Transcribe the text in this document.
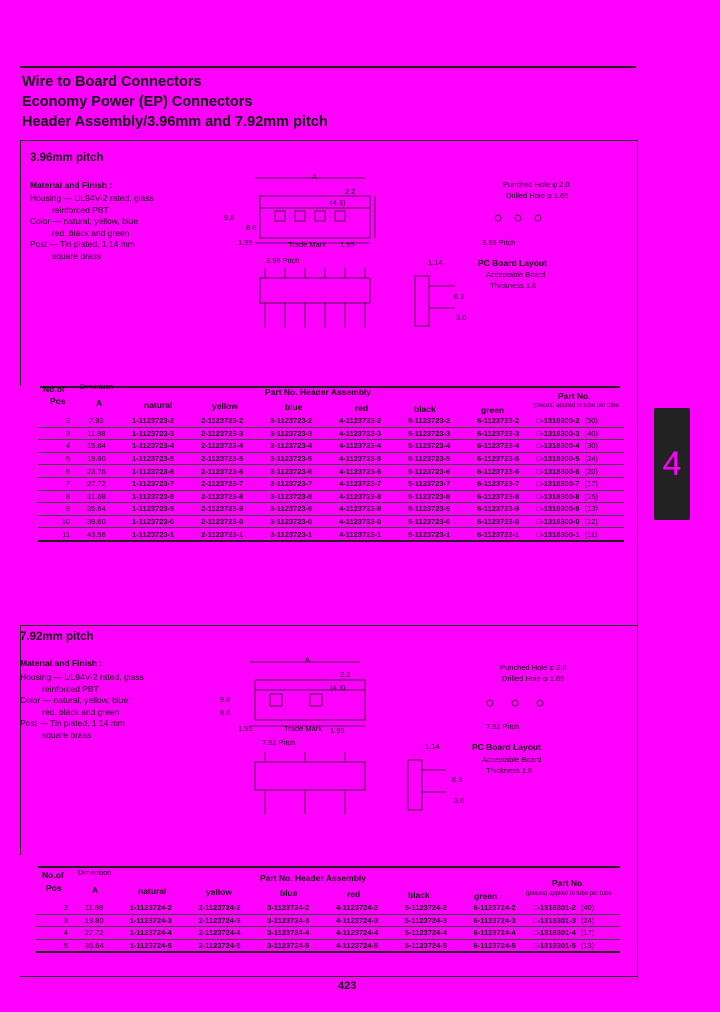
Wire to Board Connectors
Economy Power (EP) Connectors
Header Assembly/3.96mm and 7.92mm pitch
4
3.96mm pitch
Material and Finish :
Housing — UL94V-2 rated, glass
reinforced PBT
Color — natural, yellow, blue,
red, black and green
Post — Tin plated, 1.14 mm
square brass
A
2.2
(4.3)
9.8
8.6
1.95	Trade Mark 1.95
3.96 Pitch	1.14
6.2
3.0
Punched Hole φ 2.0
Drilled Hole φ 1.65
3.96 Pitch
PC Board Layout
Acceptable Board
Thickness 1.6
No.of
Pos
Dimension
A
Part No. Header Assembly	Part No.
(pieces) applied in tube per tube
natural	yellow	blue	red	black	green
2	7.92	1-1123723-2	2-1123723-2	3-1123723-2	4-1123723-2	5-1123723-2	6-1123723-2	□-1318300-2 (50)
3	11.88	1-1123723-3	2-1123723-3	3-1123723-3	4-1123723-3	5-1123723-3	6-1123723-3	□-1318300-3 (40)
4	15.84	1-1123723-4	2-1123723-4	3-1123723-4	4-1123723-4	5-1123723-4	6-1123723-4	□-1318300-4 (30)
5	19.80	1-1123723-5	2-1123723-5	3-1123723-5	4-1123723-5	5-1123723-5	6-1123723-5	□-1318300-5 (24)
6	23.76	1-1123723-6	2-1123723-6	3-1123723-6	4-1123723-6	5-1123723-6	6-1123723-6	□-1318300-6 (20)
7	27.72	1-1123723-7	2-1123723-7	3-1123723-7	4-1123723-7	5-1123723-7	6-1123723-7	□-1318300-7 (17)
8	31.68	1-1123723-8	2-1123723-8	3-1123723-8	4-1123723-8	5-1123723-8	6-1123723-8	□-1318300-8 (15)
9	35.64	1-1123723-9	2-1123723-9	3-1123723-9	4-1123723-9	5-1123723-9	6-1123723-9	□-1318300-9 (13)
10	39.60	1-1123723-0	2-1123723-0	3-1123723-0	4-1123723-0	5-1123723-0	6-1123723-0	□-1318300-0 (12)
11	43.56	1-1123723-1	2-1123723-1	3-1123723-1	4-1123723-1	5-1123723-1	6-1123723-1	□-1318300-1 (11)
7.92mm pitch
Material and Finish :
Housing — UL94V-2 rated, glass
reinforced PBT
Color — natural, yellow, blue,
red, black and green
Post — Tin plated, 1.14 mm
square brass
A
2.2
(4.3)
9.8
8.6
1.95	Trade Mark 1.95
7.92 Pitch	1.14
6.2
3.0
Punched Hole φ 2.0
Drilled Hole φ 1.65
7.92 Pitch
PC Board Layout
Acceptable Board
Thickness 1.6
No.of
Pos
Dimension
A
Part No. Header Assembly	Part No.
(pieces) applied in tube per tube
natural	yellow	blue	red	black	green
2	11.88	1-1123724-2	2-1123724-2	3-1123724-2	4-1123724-2	5-1123724-2	6-1123724-2	□-1318301-2 (40)
3	19.80	1-1123724-3	2-1123724-3	3-1123724-3	4-1123724-3	5-1123724-3	6-1123724-3	□-1318301-3 (24)
4	27.72	1-1123724-4	2-1123724-4	3-1123724-4	4-1123724-4	5-1123724-4	6-1123724-4	□-1318301-4 (17)
5	35.64	1-1123724-5	2-1123724-5	3-1123724-5	4-1123724-5	5-1123724-5	6-1123724-5	□-1318301-5 (13)
423
